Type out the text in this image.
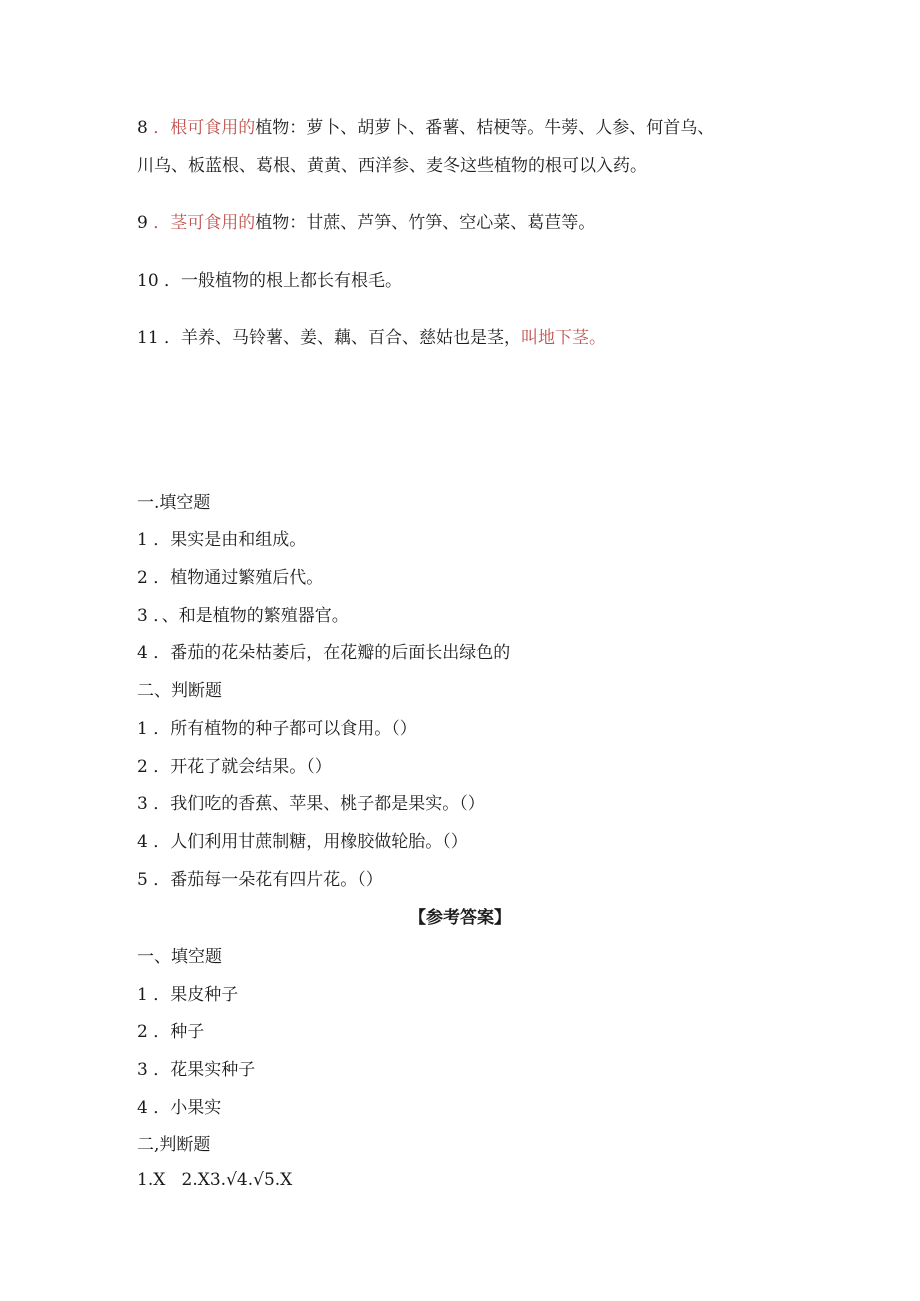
8 ．根可食用的植物：萝卜、胡萝卜、番薯、桔梗等。牛蒡、人参、何首乌、
川乌、板蓝根、葛根、黄黄、西洋参、麦冬这些植物的根可以入药。
9 ．茎可食用的植物：甘蔗、芦笋、竹笋、空心菜、葛苣等。
10 ．一般植物的根上都长有根毛。
11 ．羊养、马铃薯、姜、藕、百合、慈姑也是茎，叫地下茎。
一.填空题
1 ．果实是由和组成。
2 ．植物通过繁殖后代。
3 ．、和是植物的繁殖器官。
4 ．番茄的花朵枯萎后，在花瓣的后面长出绿色的
二、判断题
1 ．所有植物的种子都可以食用。（）
2 ．开花了就会结果。（）
3 ．我们吃的香蕉、苹果、桃子都是果实。（）
4 ．人们利用甘蔗制糖，用橡胶做轮胎。（）
5 ．番茄每一朵花有四片花。（）
【参考答案】
一、填空题
1 ．果皮种子
2 ．种子
3 ．花果实种子
4 ．小果实
二,判断题
1.X   2.X3.√4.√5.X
